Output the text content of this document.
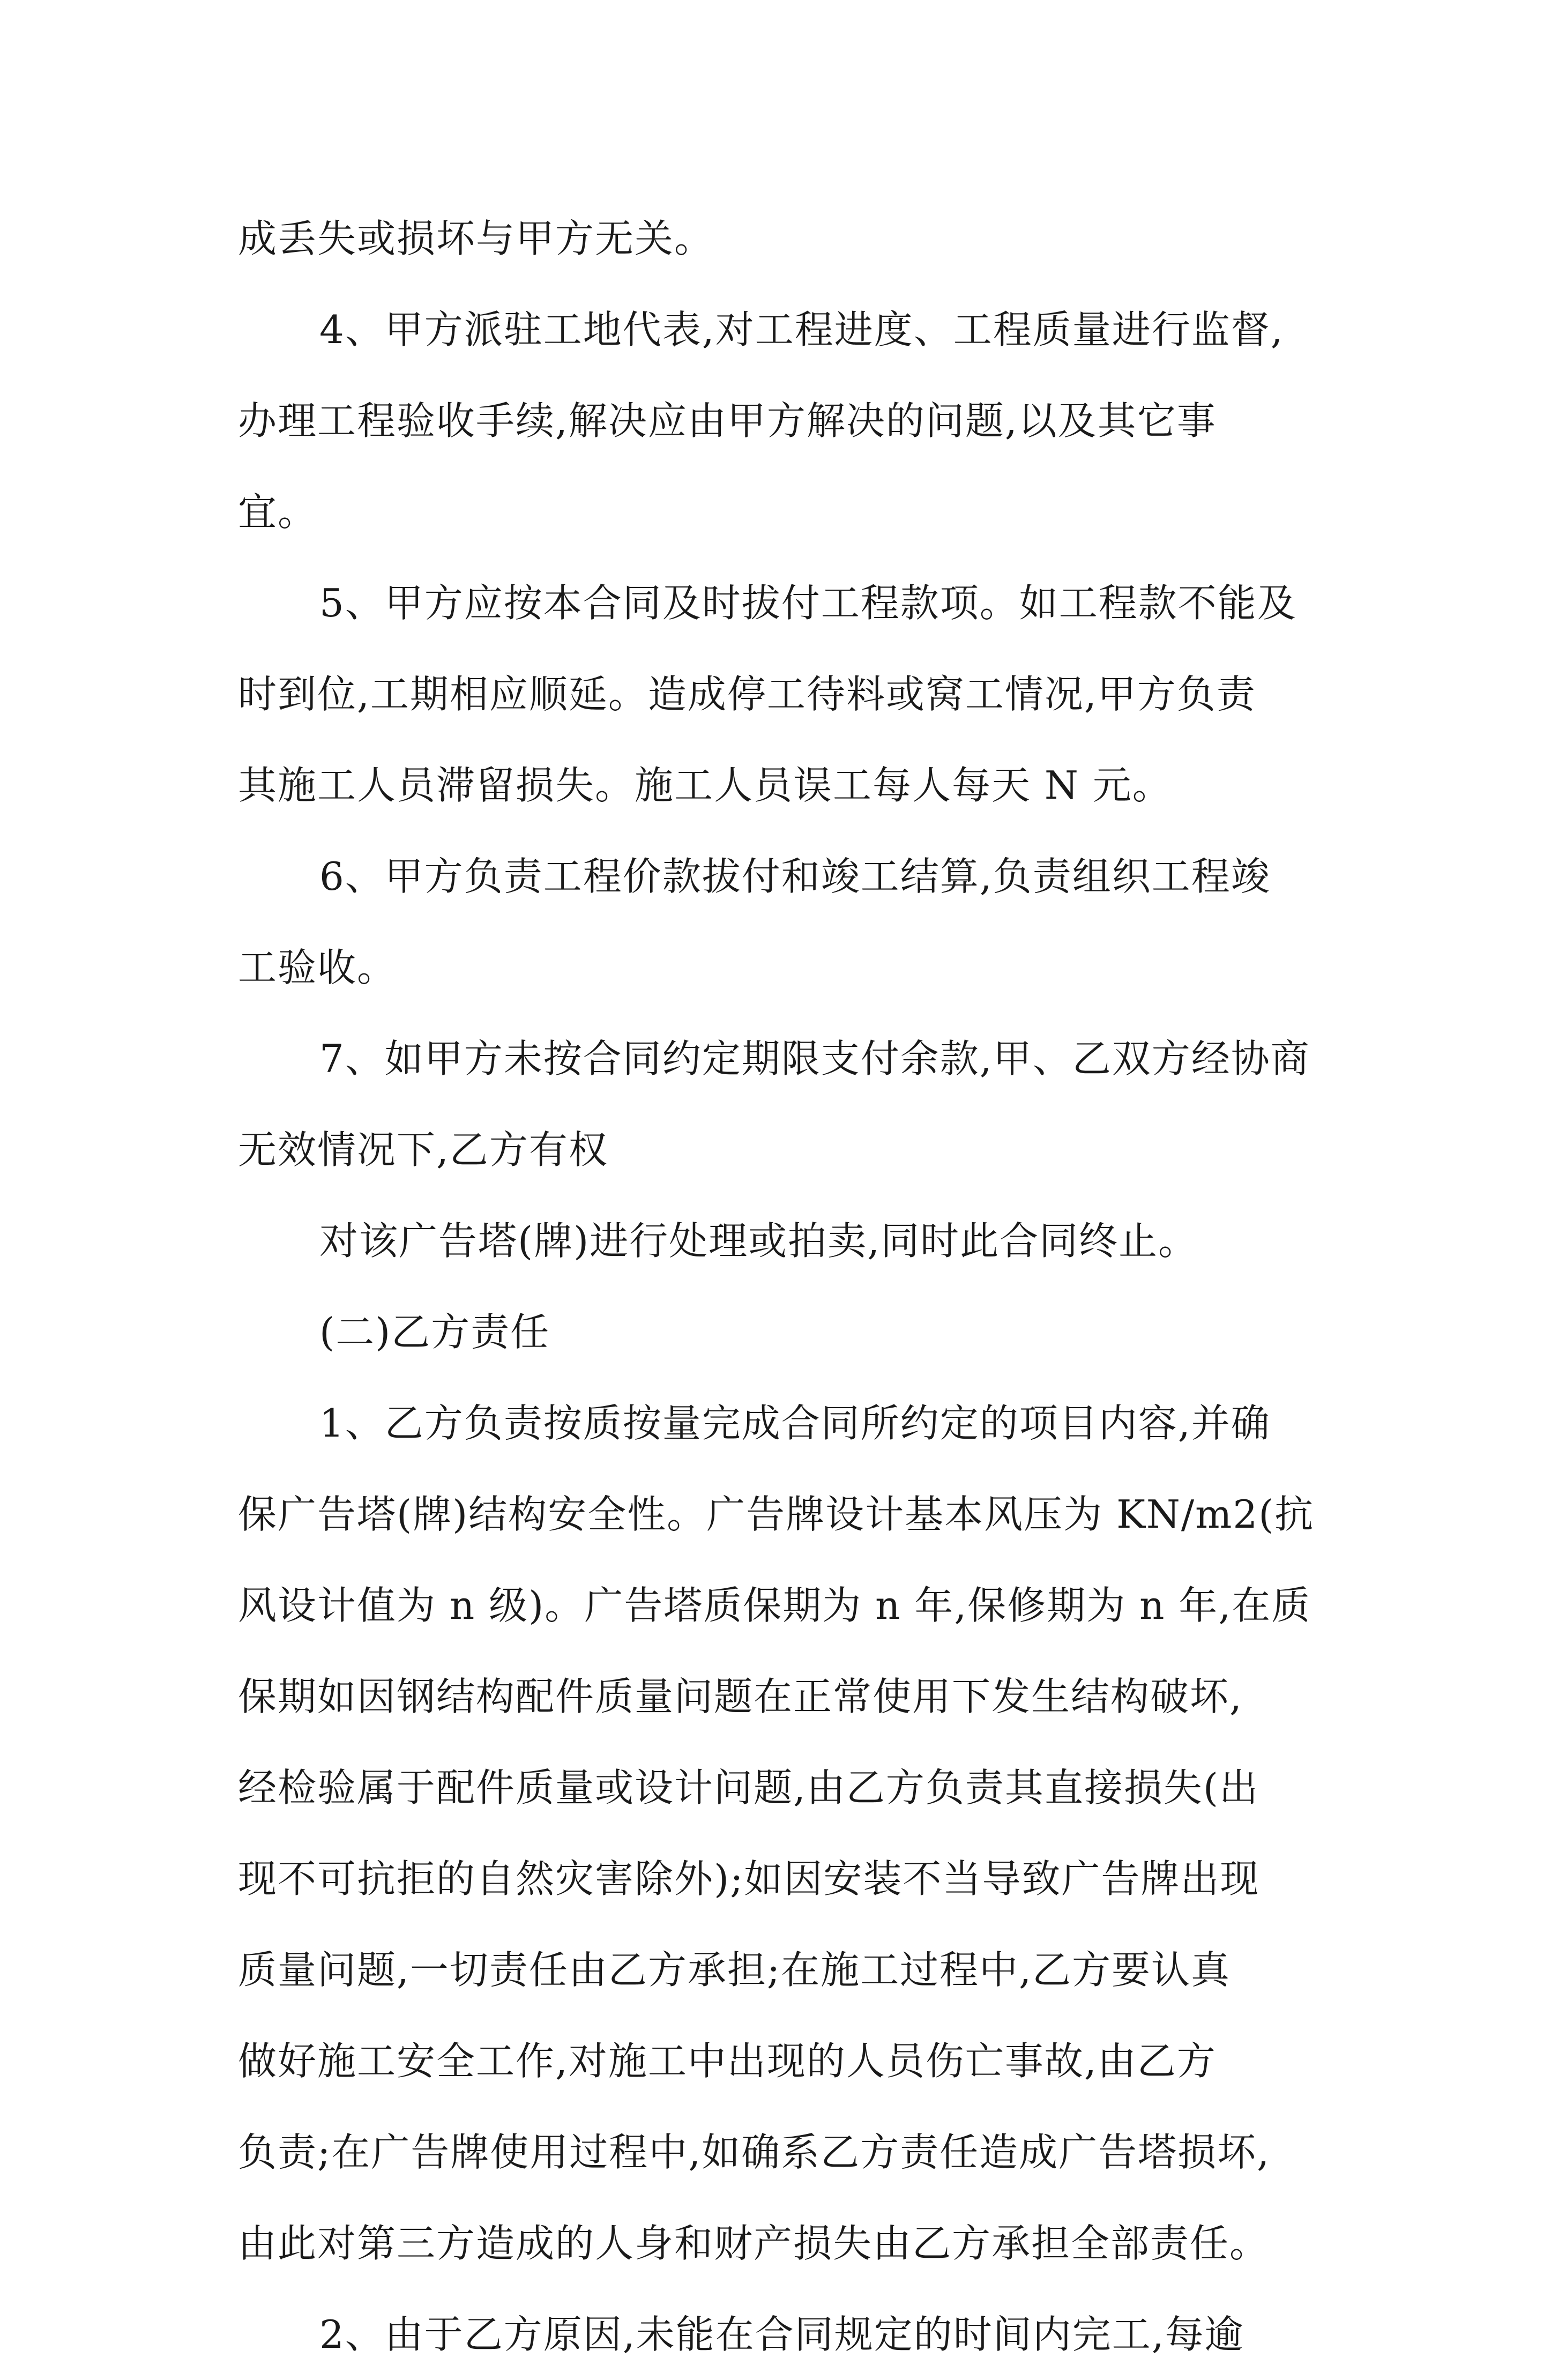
成丢失或损坏与甲方无关。
4、甲方派驻工地代表,对工程进度、工程质量进行监督,
办理工程验收手续,解决应由甲方解决的问题,以及其它事
宜。
5、甲方应按本合同及时拔付工程款项。如工程款不能及
时到位,工期相应顺延。造成停工待料或窝工情况,甲方负责
其施工人员滞留损失。施工人员误工每人每天 N 元。
6、甲方负责工程价款拔付和竣工结算,负责组织工程竣
工验收。
7、如甲方未按合同约定期限支付余款,甲、乙双方经协商
无效情况下,乙方有权
对该广告塔(牌)进行处理或拍卖,同时此合同终止。
(二)乙方责任
1、乙方负责按质按量完成合同所约定的项目内容,并确
保广告塔(牌)结构安全性。广告牌设计基本风压为 KN/m2(抗
风设计值为 n 级)。广告塔质保期为 n 年,保修期为 n 年,在质
保期如因钢结构配件质量问题在正常使用下发生结构破坏,
经检验属于配件质量或设计问题,由乙方负责其直接损失(出
现不可抗拒的自然灾害除外);如因安装不当导致广告牌出现
质量问题,一切责任由乙方承担;在施工过程中,乙方要认真
做好施工安全工作,对施工中出现的人员伤亡事故,由乙方
负责;在广告牌使用过程中,如确系乙方责任造成广告塔损坏,
由此对第三方造成的人身和财产损失由乙方承担全部责任。
2、由于乙方原因,未能在合同规定的时间内完工,每逾
